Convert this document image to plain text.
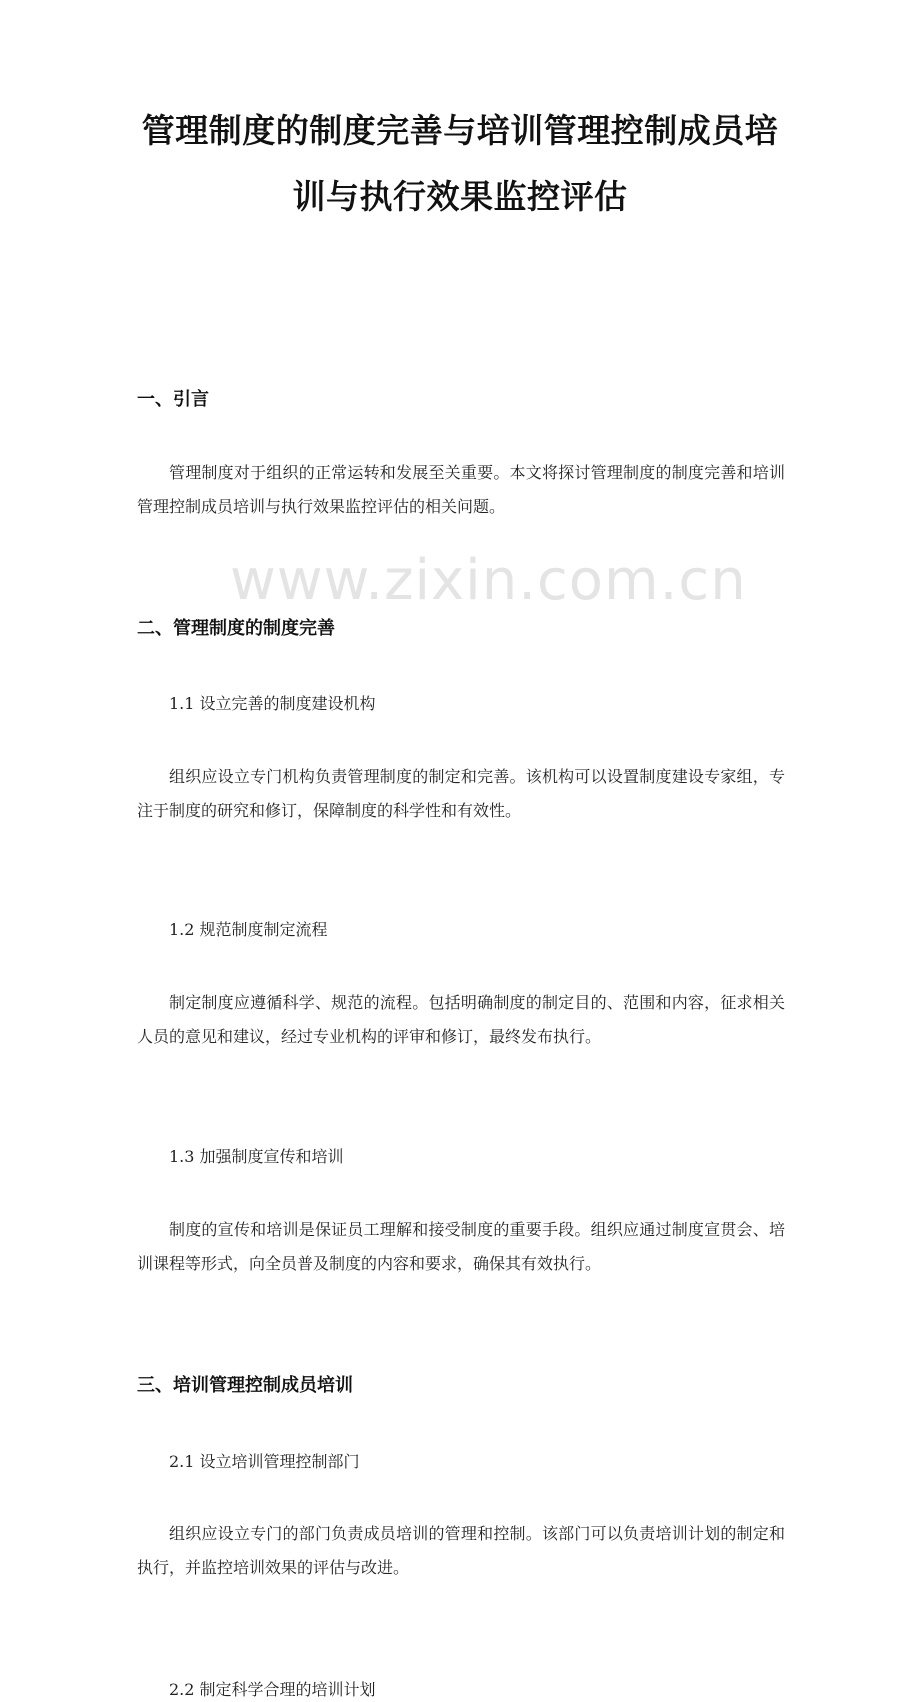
www.zixin.com.cn
管理制度的制度完善与培训管理控制成员培训与执行效果监控评估
一、引言
管理制度对于组织的正常运转和发展至关重要。本文将探讨管理制度的制度完善和培训管理控制成员培训与执行效果监控评估的相关问题。
二、管理制度的制度完善
1.1 设立完善的制度建设机构
组织应设立专门机构负责管理制度的制定和完善。该机构可以设置制度建设专家组，专注于制度的研究和修订，保障制度的科学性和有效性。
1.2 规范制度制定流程
制定制度应遵循科学、规范的流程。包括明确制度的制定目的、范围和内容，征求相关人员的意见和建议，经过专业机构的评审和修订，最终发布执行。
1.3 加强制度宣传和培训
制度的宣传和培训是保证员工理解和接受制度的重要手段。组织应通过制度宣贯会、培训课程等形式，向全员普及制度的内容和要求，确保其有效执行。
三、培训管理控制成员培训
2.1 设立培训管理控制部门
组织应设立专门的部门负责成员培训的管理和控制。该部门可以负责培训计划的制定和执行，并监控培训效果的评估与改进。
2.2 制定科学合理的培训计划
